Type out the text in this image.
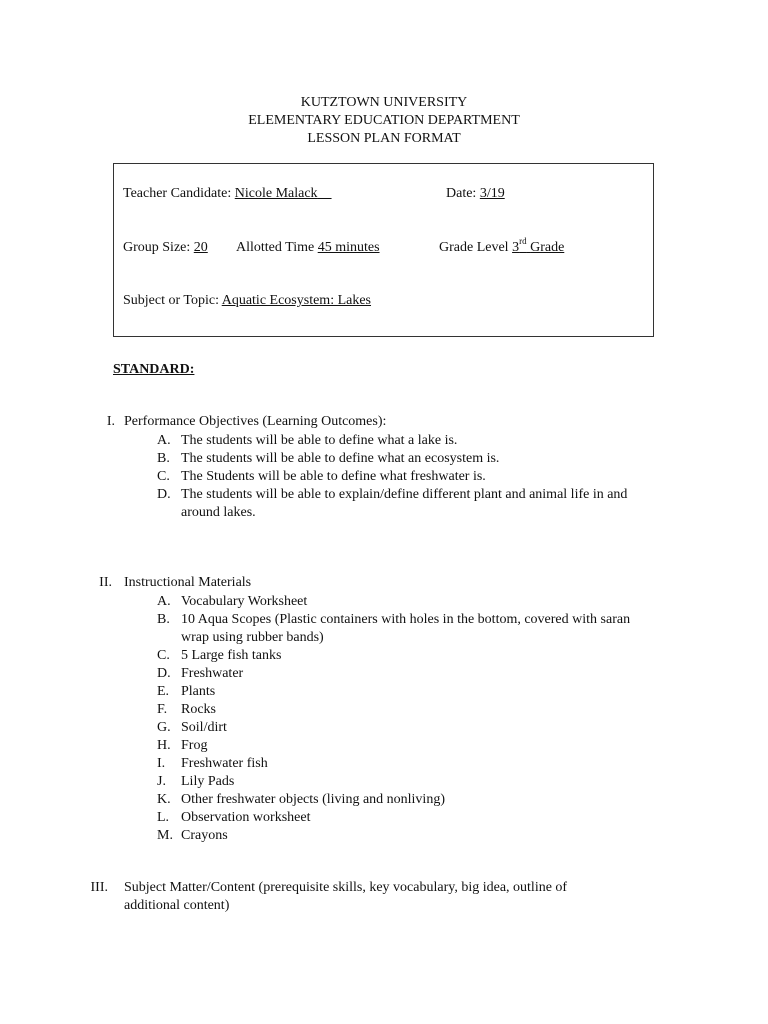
KUTZTOWN UNIVERSITY
ELEMENTARY EDUCATION DEPARTMENT
LESSON PLAN FORMAT
Teacher Candidate: Nicole Malack	Date: 3/19
Group Size: 20 Allotted Time 45 minutes	Grade Level 3rd Grade
Subject or Topic: Aquatic Ecosystem: Lakes
STANDARD:
I. Performance Objectives (Learning Outcomes):
A. The students will be able to define what a lake is.
B. The students will be able to define what an ecosystem is.
C. The Students will be able to define what freshwater is.
D. The students will be able to explain/define different plant and animal life in and around lakes.
II. Instructional Materials
A. Vocabulary Worksheet
B. 10 Aqua Scopes (Plastic containers with holes in the bottom, covered with saran wrap using rubber bands)
C. 5 Large fish tanks
D. Freshwater
E. Plants
F. Rocks
G. Soil/dirt
H. Frog
I.	Freshwater fish
J.	Lily Pads
K. Other freshwater objects (living and nonliving)
L. Observation worksheet
M. Crayons
III. Subject Matter/Content (prerequisite skills, key vocabulary, big idea, outline of additional content)
